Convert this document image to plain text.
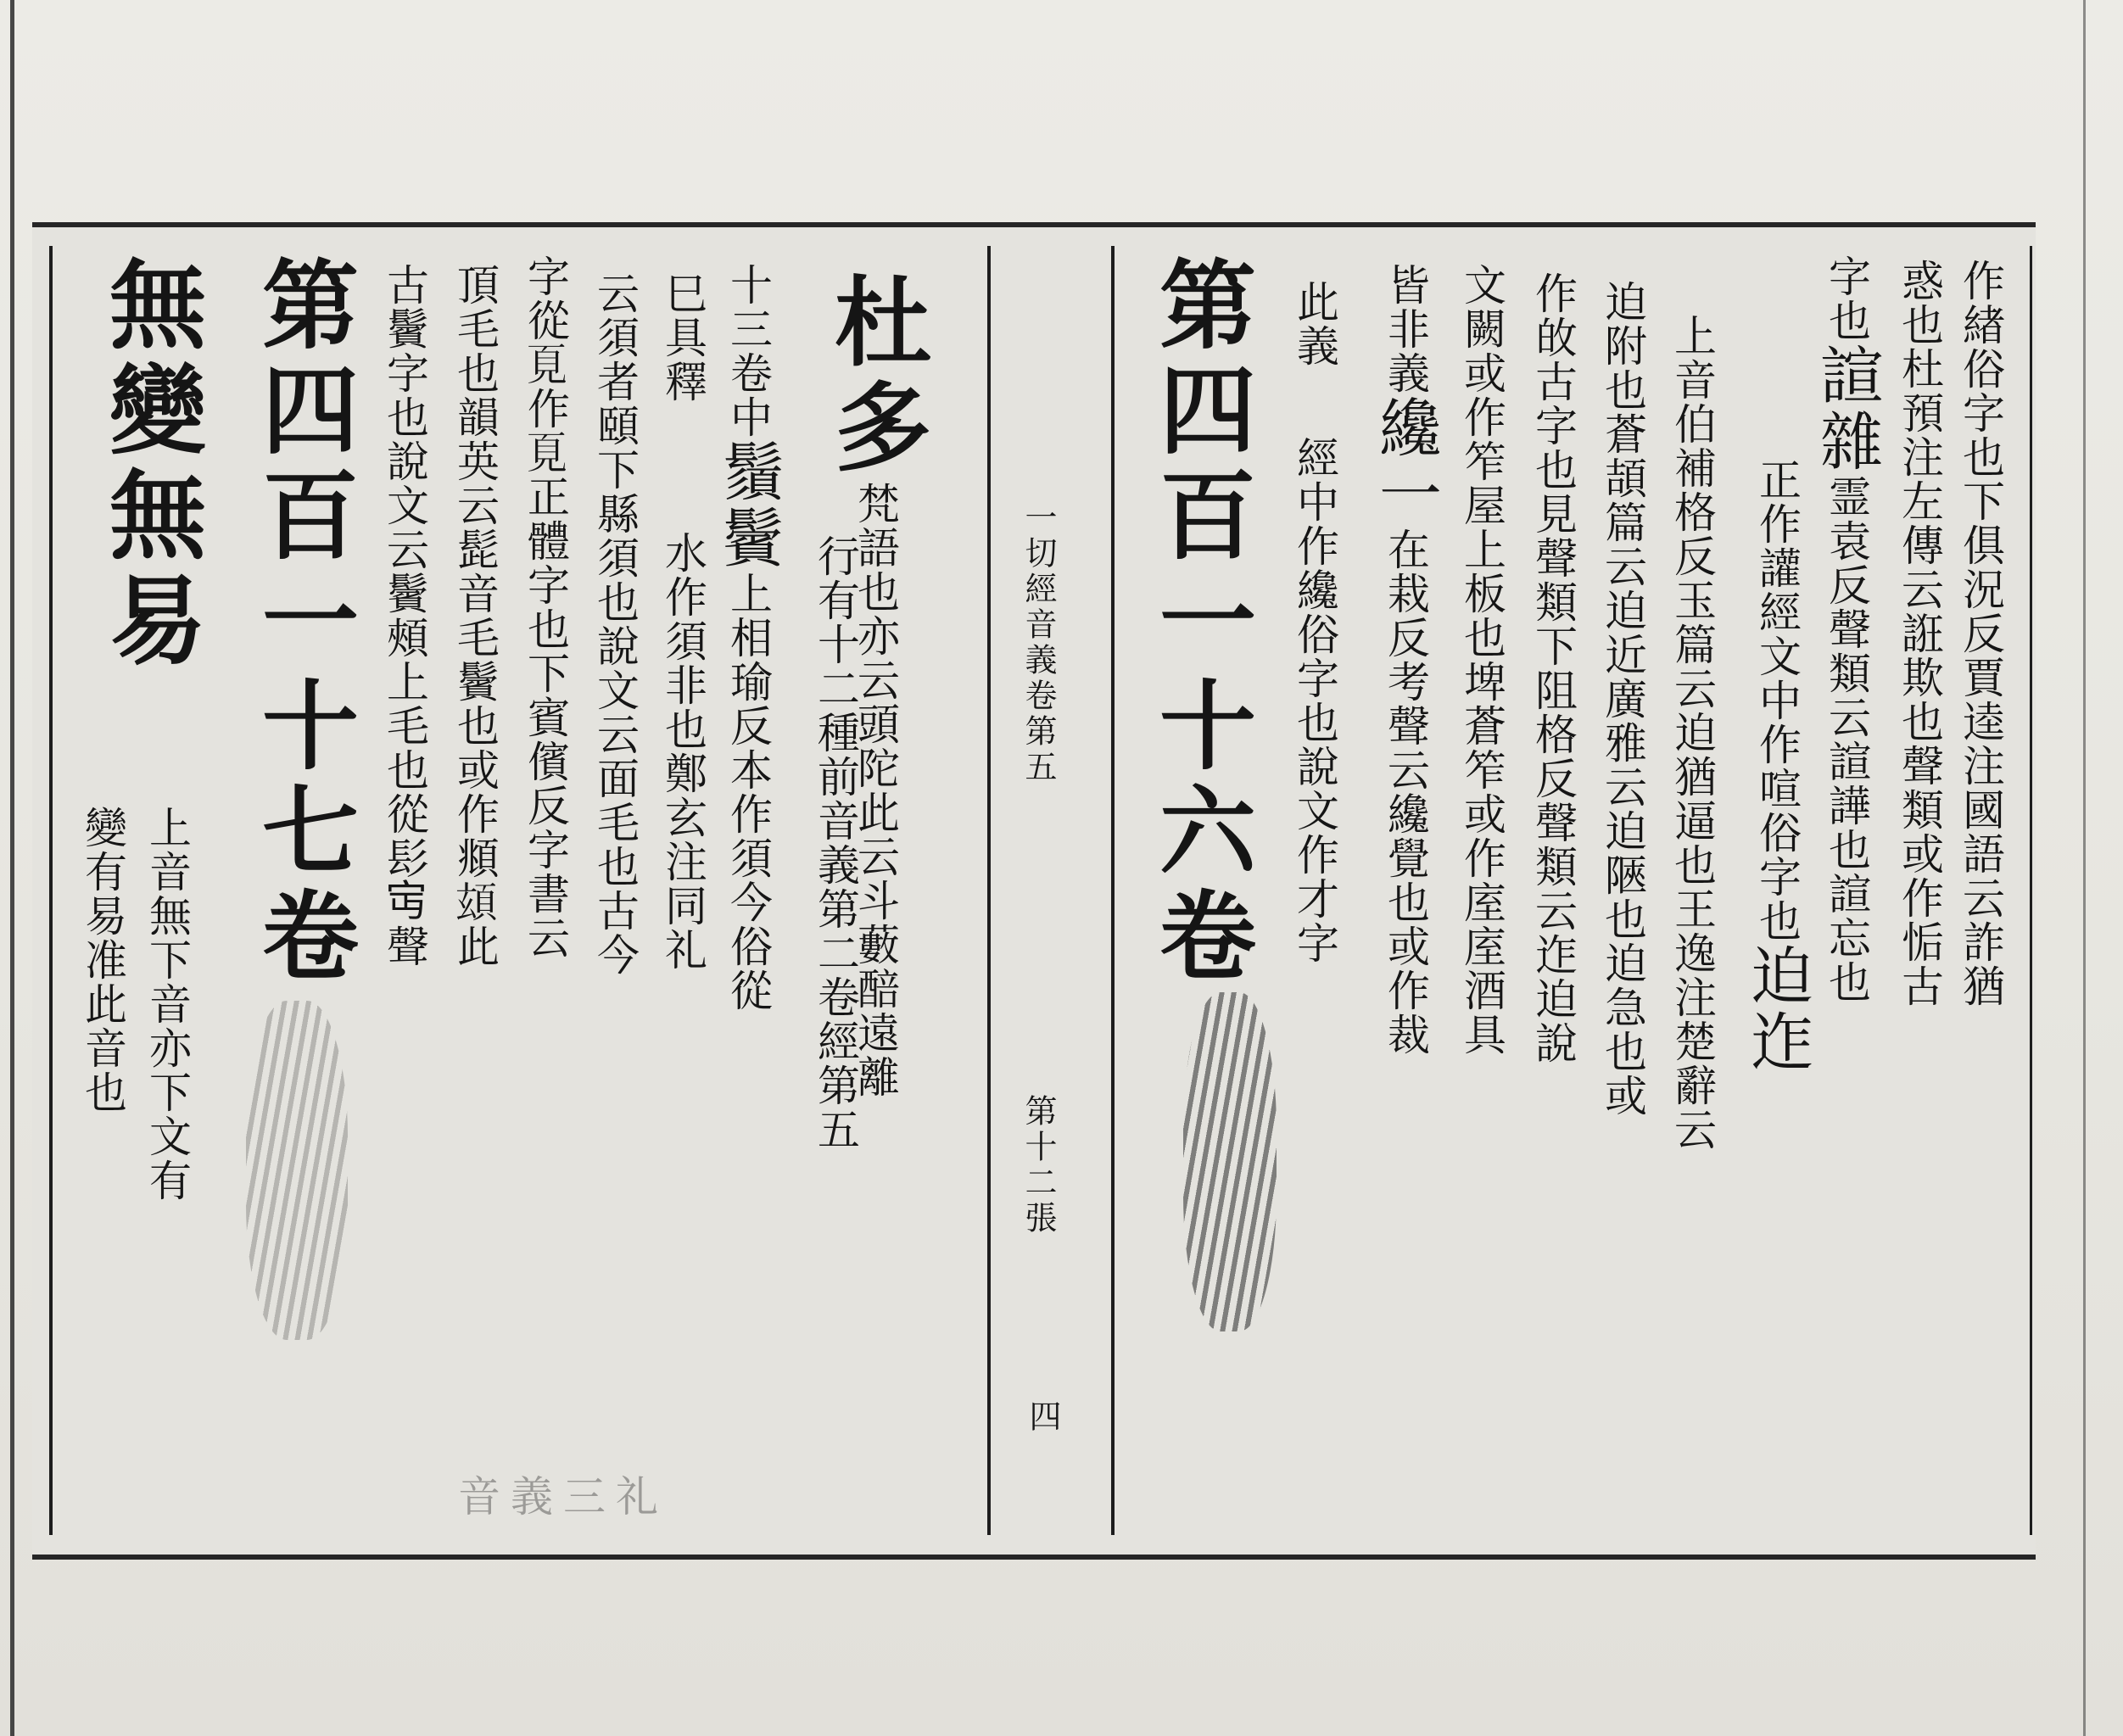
一切經音義卷第五
第十二張
四
作緖俗字也下俱況反賈逵注國語云詐猶
惑也杜預注左傳云誑欺也聲類或作㤧古
字也諠雜霊袁反聲類云諠譁也諠忘也
正作讙經文中作喧俗字也迫迮
上音伯補格反玉篇云迫猶逼也王逸注楚辭云
迫附也蒼頡篇云迫近廣雅云迫陿也迫急也或
作敀古字也見聲類下阻格反聲類云迮迫說
文闕或作笮屋上板也埤蒼笮或作庢庢酒具
皆非義纔一在栽反考聲云纔覺也或作裁
此義經中作纔俗字也說文作才字
第四百一十六卷
杜多梵語也亦云頭陀此云斗藪醅遠離
行有十二種前音義第二卷經第五
十三卷中鬚鬢上相瑜反本作須今俗從
巳具釋水作須非也鄭玄注同礼
云須者頤下縣須也說文云面毛也古今
字從𩑋作𩑋正體字也下賓儐反字書云
頂毛也韻英云髭音毛鬢也或作頫𩑹此
古鬢字也說文云鬢頰上毛也從髟𡧍聲
第四百一十七卷
無變無易
上音無下音亦下文有
變有易准此音也
音義三礼
